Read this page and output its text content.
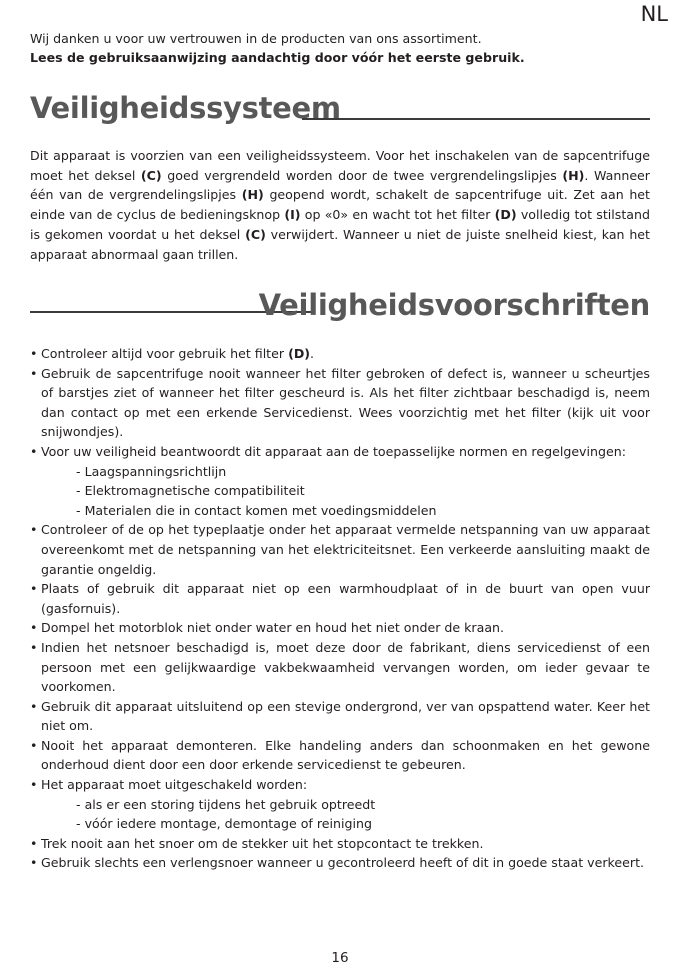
NL
Wij danken u voor uw vertrouwen in de producten van ons assortiment.
Lees de gebruiksaanwijzing aandachtig door vóór het eerste gebruik.
Veiligheidssysteem

Dit apparaat is voorzien van een veiligheidssysteem. Voor het inschakelen van de sapcentrifuge moet het deksel (C) goed vergrendeld worden door de twee vergrendelingslipjes (H). Wanneer één van de vergrendelingslipjes (H) geopend wordt, schakelt de sapcentrifuge uit. Zet aan het einde van de cyclus de bedieningsknop (I) op «0» en wacht tot het filter (D) volledig tot stilstand is gekomen voordat u het deksel (C) verwijdert. Wanneer u niet de juiste snelheid kiest, kan het apparaat abnormaal gaan trillen.

Veiligheidsvoorschriften
• Controleer altijd voor gebruik het filter (D).
• Gebruik de sapcentrifuge nooit wanneer het filter gebroken of defect is, wanneer u scheurtjes of barstjes ziet of wanneer het filter gescheurd is. Als het filter zichtbaar beschadigd is, neem dan contact op met een erkende Servicedienst. Wees voorzichtig met het filter (kijk uit voor snijwondjes).
• Voor uw veiligheid beantwoordt dit apparaat aan de toepasselijke normen en regelgevingen:
- Laagspanningsrichtlijn
- Elektromagnetische compatibiliteit
- Materialen die in contact komen met voedingsmiddelen
• Controleer of de op het typeplaatje onder het apparaat vermelde netspanning van uw apparaat overeenkomt met de netspanning van het elektriciteitsnet. Een verkeerde aansluiting maakt de garantie ongeldig.
• Plaats of gebruik dit apparaat niet op een warmhoudplaat of in de buurt van open vuur (gasfornuis).
• Dompel het motorblok niet onder water en houd het niet onder de kraan.
• Indien het netsnoer beschadigd is, moet deze door de fabrikant, diens servicedienst of een persoon met een gelijkwaardige vakbekwaamheid vervangen worden, om ieder gevaar te voorkomen.
• Gebruik dit apparaat uitsluitend op een stevige ondergrond, ver van opspattend water. Keer het niet om.
• Nooit het apparaat demonteren. Elke handeling anders dan schoonmaken en het gewone onderhoud dient door een door erkende servicedienst te gebeuren.
• Het apparaat moet uitgeschakeld worden:
- als er een storing tijdens het gebruik optreedt
- vóór iedere montage, demontage of reiniging
• Trek nooit aan het snoer om de stekker uit het stopcontact te trekken.
• Gebruik slechts een verlengsnoer wanneer u gecontroleerd heeft of dit in goede staat verkeert.
16
